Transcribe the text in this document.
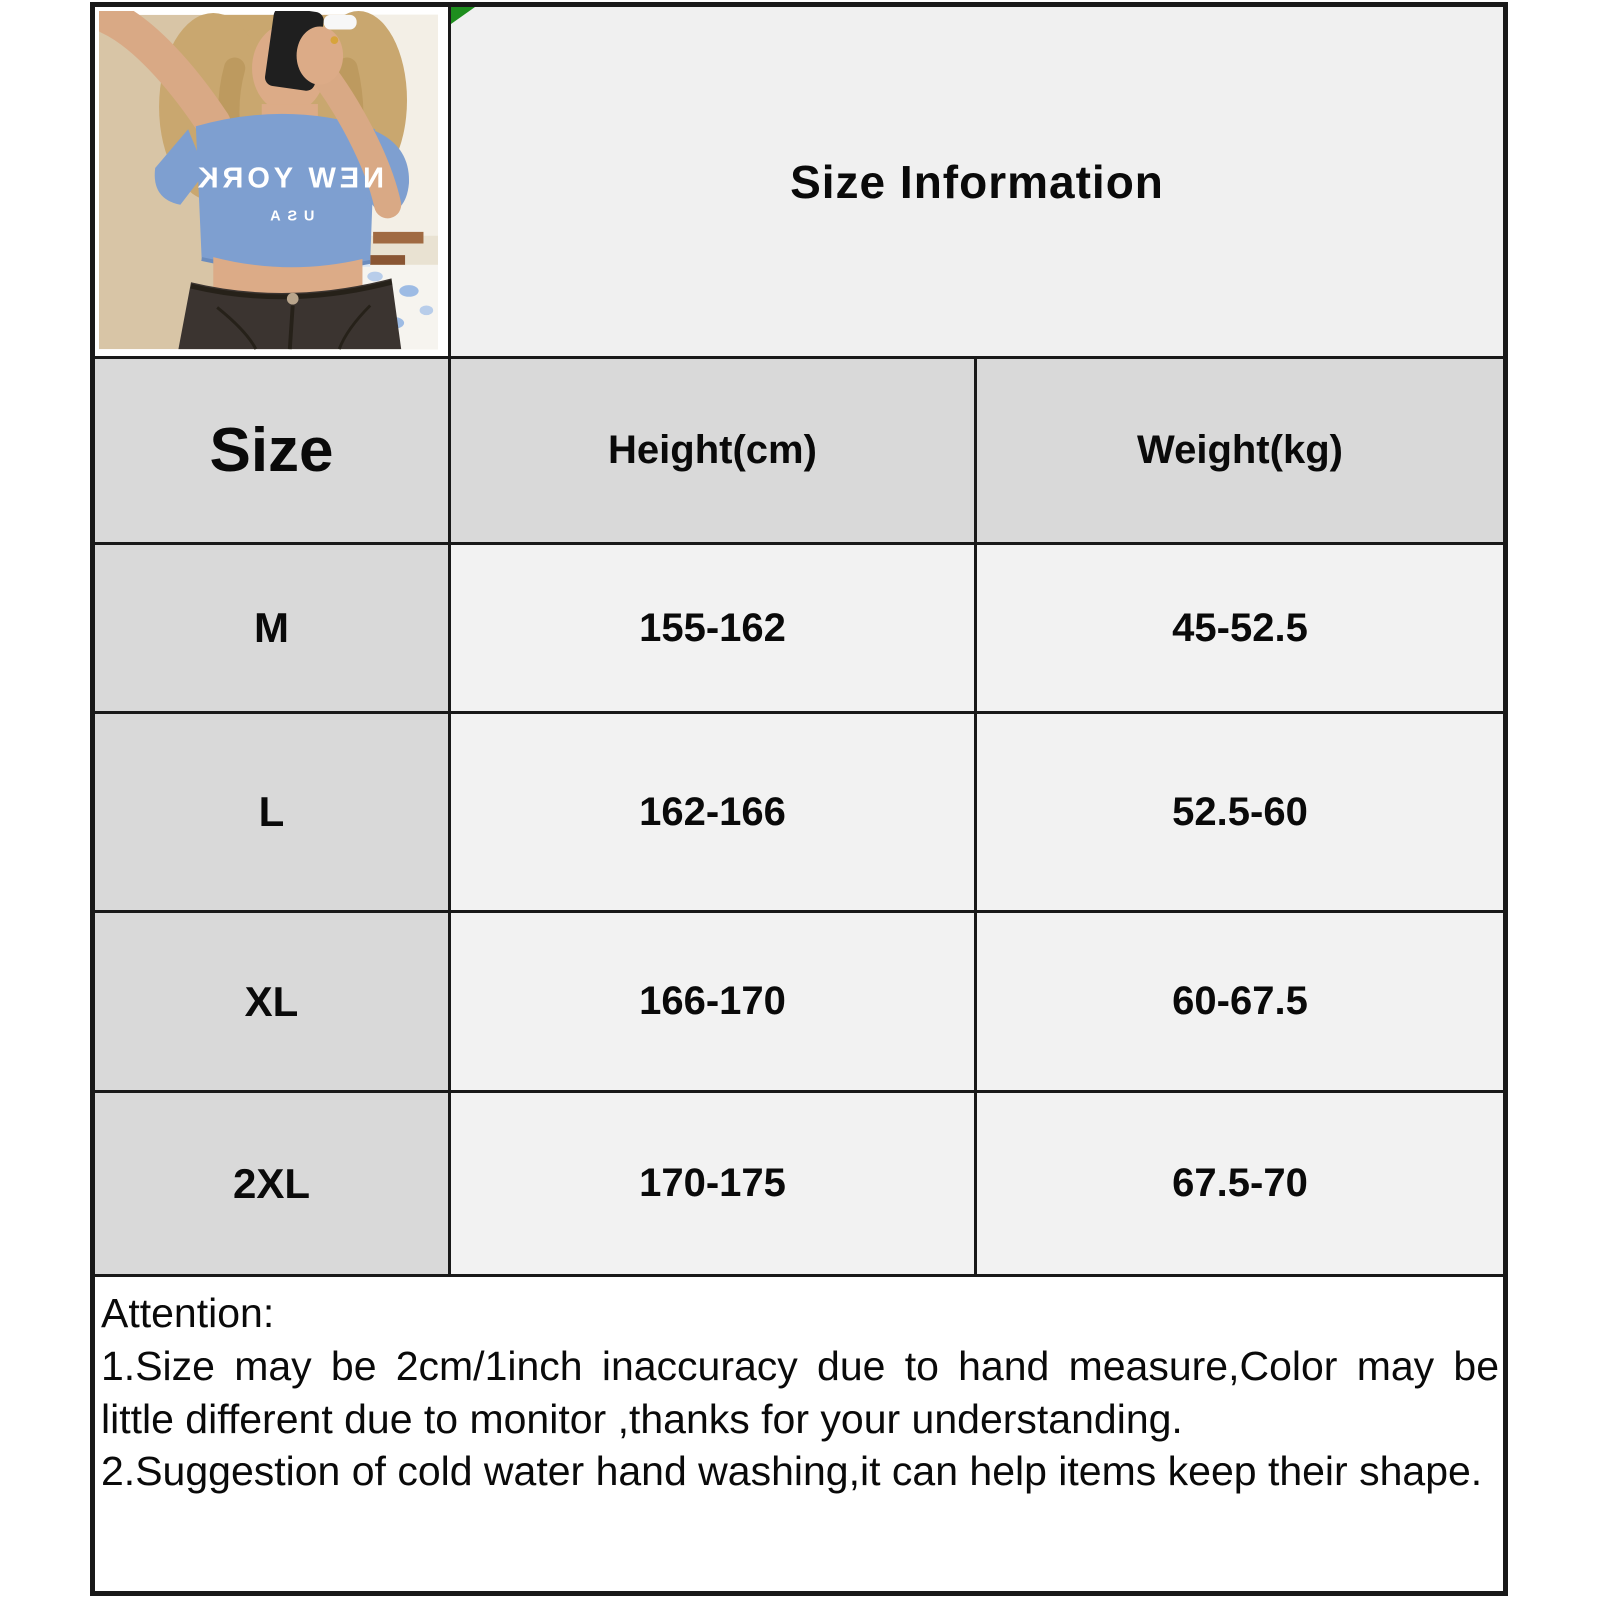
NEW YORK
USA
Size Information
Size	Height(cm)	Weight(kg)
M	155-162	45-52.5
L	162-166	52.5-60
XL	166-170	60-67.5
2XL	170-175	67.5-70
Attention:

1.Size may be 2cm/1inch inaccuracy due to hand measure,Color may be little different due to monitor ,thanks for your understanding.

2.Suggestion of cold water hand washing,it can help items keep their shape.
